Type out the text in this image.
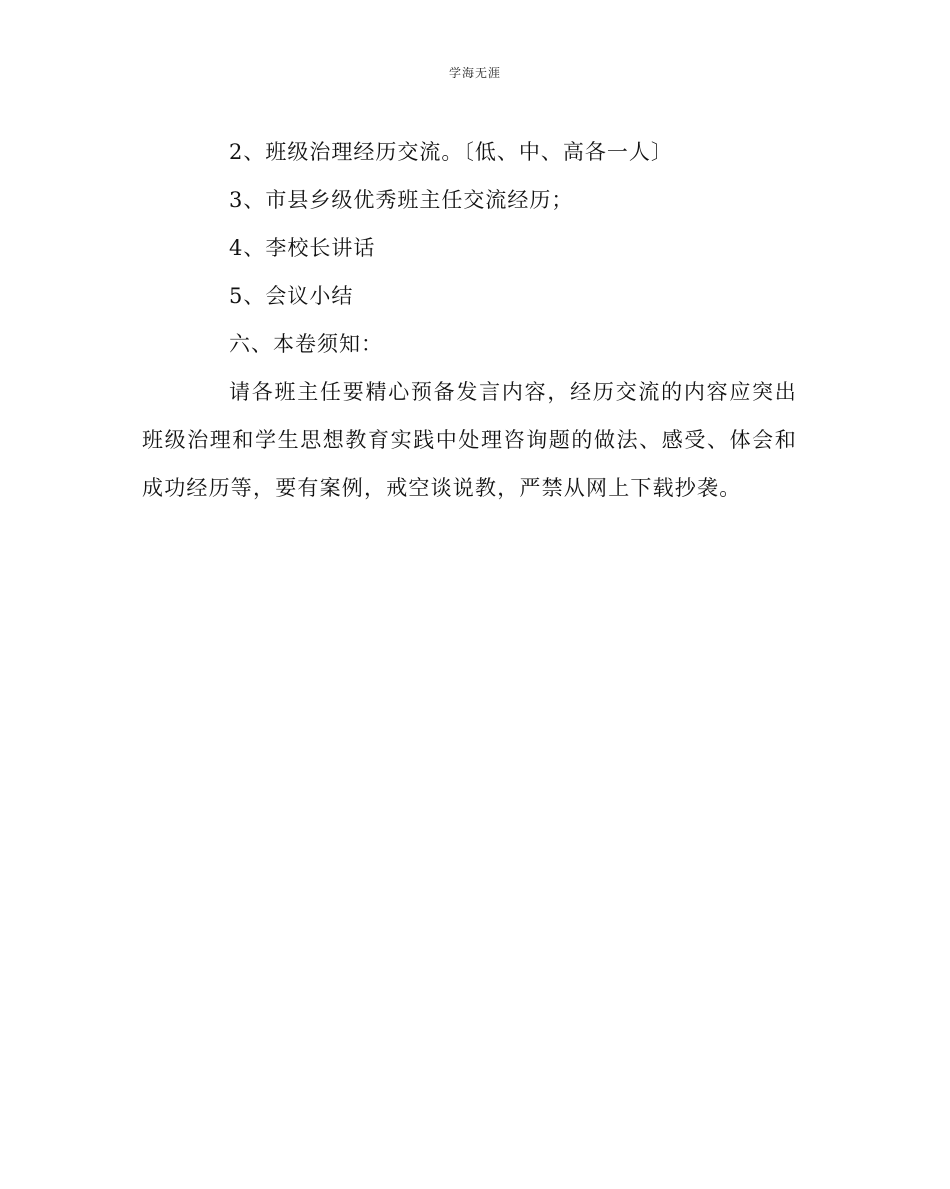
学海无涯
2、班级治理经历交流。〔低、中、高各一人〕
3、市县乡级优秀班主任交流经历；
4、李校长讲话
5、会议小结
六、本卷须知：

请各班主任要精心预备发言内容，经历交流的内容应突出班级治理和学生思想教育实践中处理咨询题的做法、感受、体会和成功经历等，要有案例，戒空谈说教，严禁从网上下载抄袭。
